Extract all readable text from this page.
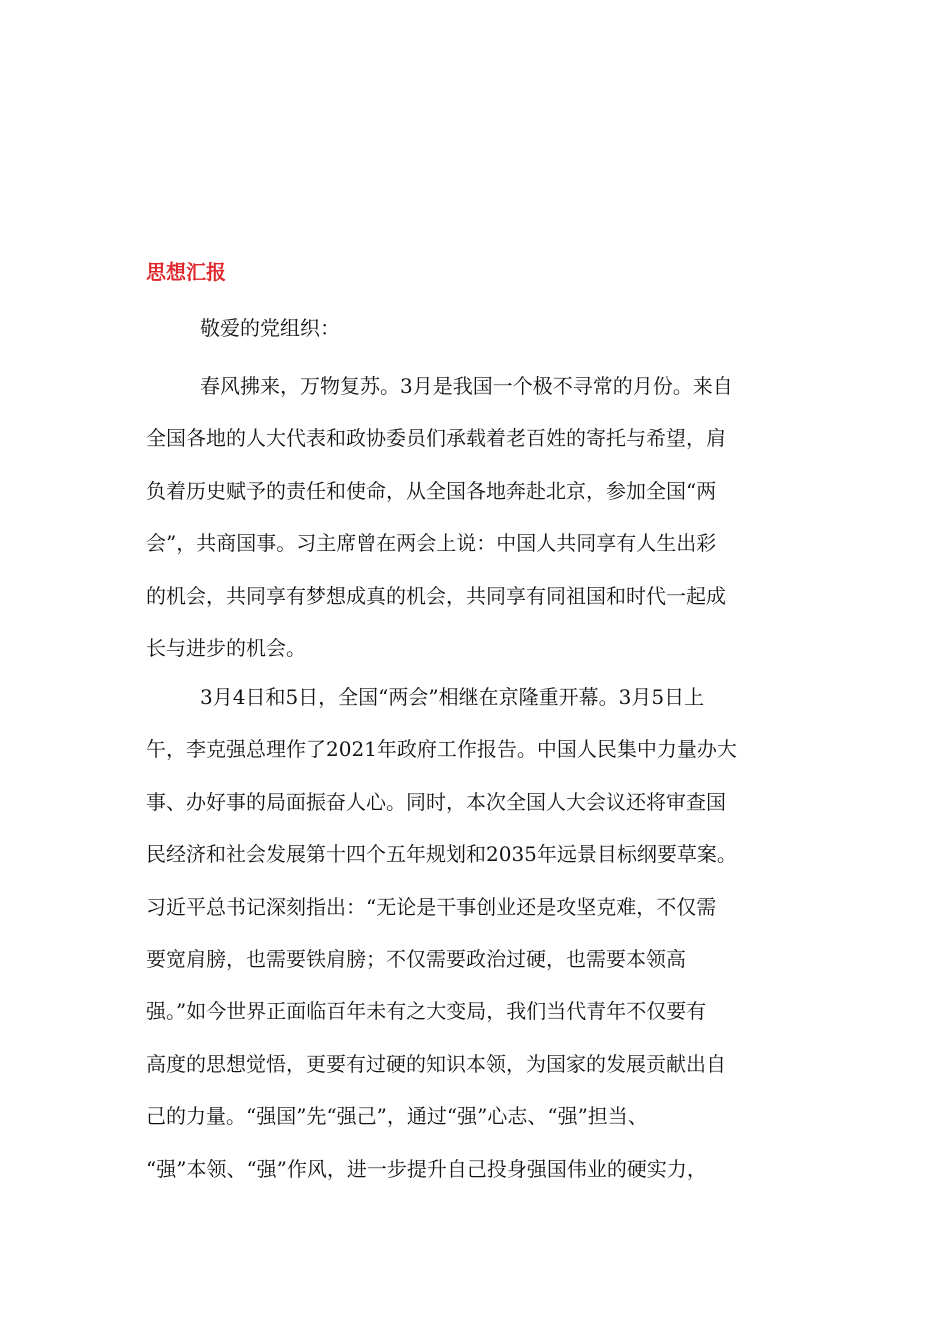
思想汇报
敬爱的党组织：
春风拂来，万物复苏。3月是我国一个极不寻常的月份。来自
全国各地的人大代表和政协委员们承载着老百姓的寄托与希望，肩
负着历史赋予的责任和使命，从全国各地奔赴北京，参加全国“两
会”，共商国事。习主席曾在两会上说：中国人共同享有人生出彩
的机会，共同享有梦想成真的机会，共同享有同祖国和时代一起成
长与进步的机会。
3月4日和5日，全国“两会”相继在京隆重开幕。3月5日上
午，李克强总理作了2021年政府工作报告。中国人民集中力量办大
事、办好事的局面振奋人心。同时，本次全国人大会议还将审查国
民经济和社会发展第十四个五年规划和2035年远景目标纲要草案。
习近平总书记深刻指出：“无论是干事创业还是攻坚克难，不仅需
要宽肩膀，也需要铁肩膀；不仅需要政治过硬，也需要本领高
强。”如今世界正面临百年未有之大变局，我们当代青年不仅要有
高度的思想觉悟，更要有过硬的知识本领，为国家的发展贡献出自
己的力量。“强国”先“强己”，通过“强”心志、“强”担当、
“强”本领、“强”作风，进一步提升自己投身强国伟业的硬实力，
